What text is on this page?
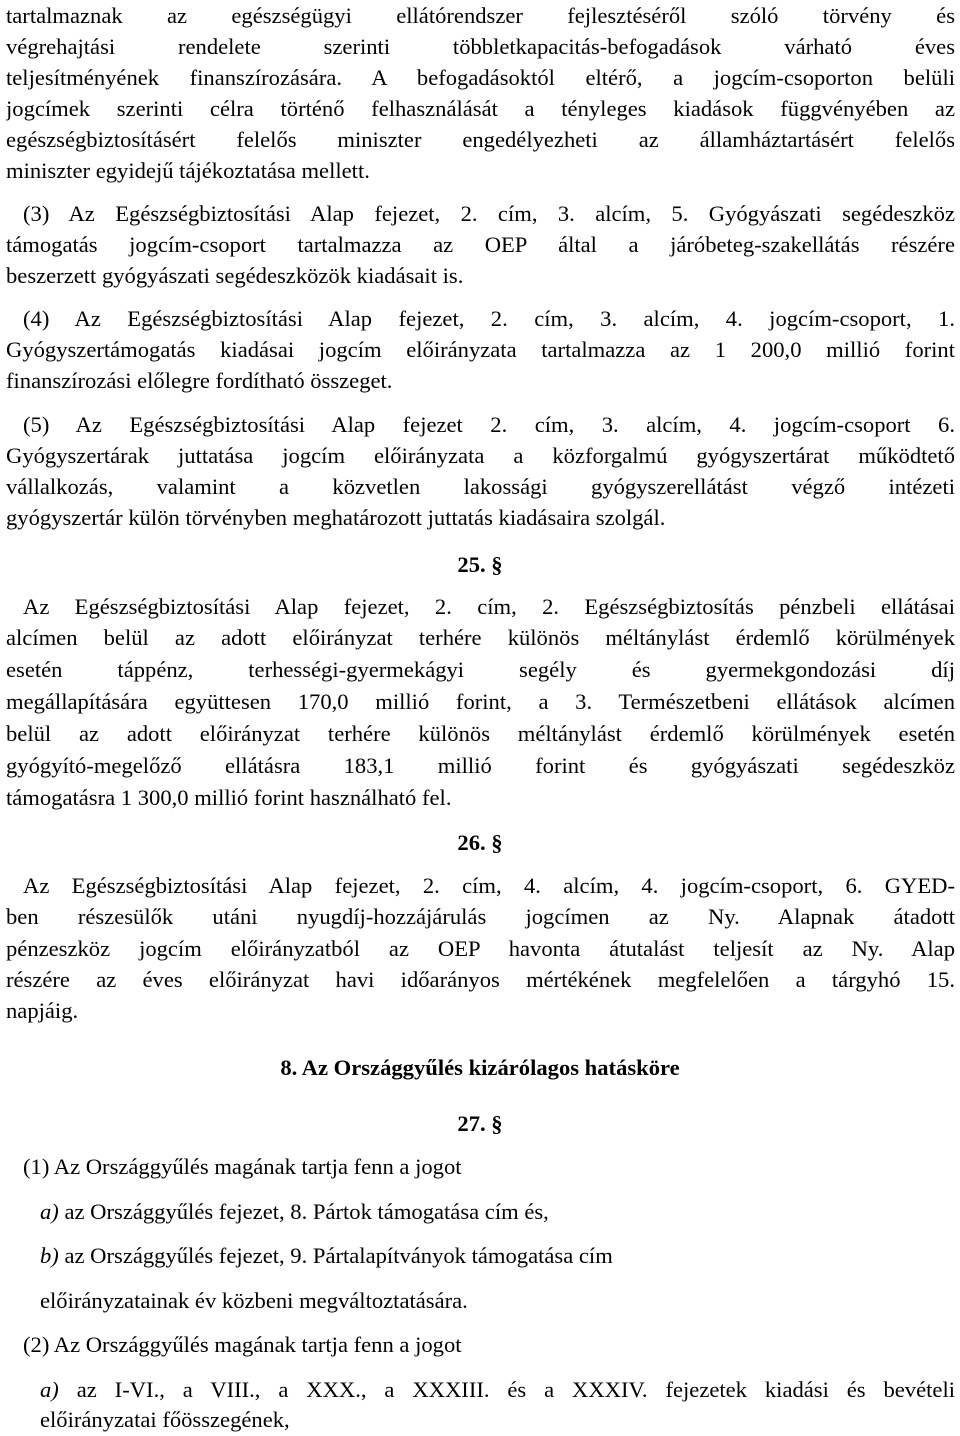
tartalmaznak az egészségügyi ellátórendszer fejlesztéséről szóló törvény és
végrehajtási rendelete szerinti többletkapacitás-befogadások várható éves
teljesítményének finanszírozására. A befogadásoktól eltérő, a jogcím-csoporton belüli
jogcímek szerinti célra történő felhasználását a tényleges kiadások függvényében az
egészségbiztosításért felelős miniszter engedélyezheti az államháztartásért felelős
miniszter egyidejű tájékoztatása mellett.
(3) Az Egészségbiztosítási Alap fejezet, 2. cím, 3. alcím, 5. Gyógyászati segédeszköz
támogatás jogcím-csoport tartalmazza az OEP által a járóbeteg-szakellátás részére
beszerzett gyógyászati segédeszközök kiadásait is.
(4) Az Egészségbiztosítási Alap fejezet, 2. cím, 3. alcím, 4. jogcím-csoport, 1.
Gyógyszertámogatás kiadásai jogcím előirányzata tartalmazza az 1 200,0 millió forint
finanszírozási előlegre fordítható összeget.
(5) Az Egészségbiztosítási Alap fejezet 2. cím, 3. alcím, 4. jogcím-csoport 6.
Gyógyszertárak juttatása jogcím előirányzata a közforgalmú gyógyszertárat működtető
vállalkozás, valamint a közvetlen lakossági gyógyszerellátást végző intézeti
gyógyszertár külön törvényben meghatározott juttatás kiadásaira szolgál.
25. §
Az Egészségbiztosítási Alap fejezet, 2. cím, 2. Egészségbiztosítás pénzbeli ellátásai
alcímen belül az adott előirányzat terhére különös méltánylást érdemlő körülmények
esetén táppénz, terhességi-gyermekágyi segély és gyermekgondozási díj
megállapítására együttesen 170,0 millió forint, a 3. Természetbeni ellátások alcímen
belül az adott előirányzat terhére különös méltánylást érdemlő körülmények esetén
gyógyító-megelőző ellátásra 183,1 millió forint és gyógyászati segédeszköz
támogatásra 1 300,0 millió forint használható fel.
26. §
Az Egészségbiztosítási Alap fejezet, 2. cím, 4. alcím, 4. jogcím-csoport, 6. GYED-
ben részesülők utáni nyugdíj-hozzájárulás jogcímen az Ny. Alapnak átadott
pénzeszköz jogcím előirányzatból az OEP havonta átutalást teljesít az Ny. Alap
részére az éves előirányzat havi időarányos mértékének megfelelően a tárgyhó 15.
napjáig.
8. Az Országgyűlés kizárólagos hatásköre
27. §
(1) Az Országgyűlés magának tartja fenn a jogot
a) az Országgyűlés fejezet, 8. Pártok támogatása cím és,
b) az Országgyűlés fejezet, 9. Pártalapítványok támogatása cím
előirányzatainak év közbeni megváltoztatására.
(2) Az Országgyűlés magának tartja fenn a jogot
a) az I-VI., a VIII., a XXX., a XXXIII. és a XXXIV. fejezetek kiadási és bevételi
előirányzatai főösszegének,
